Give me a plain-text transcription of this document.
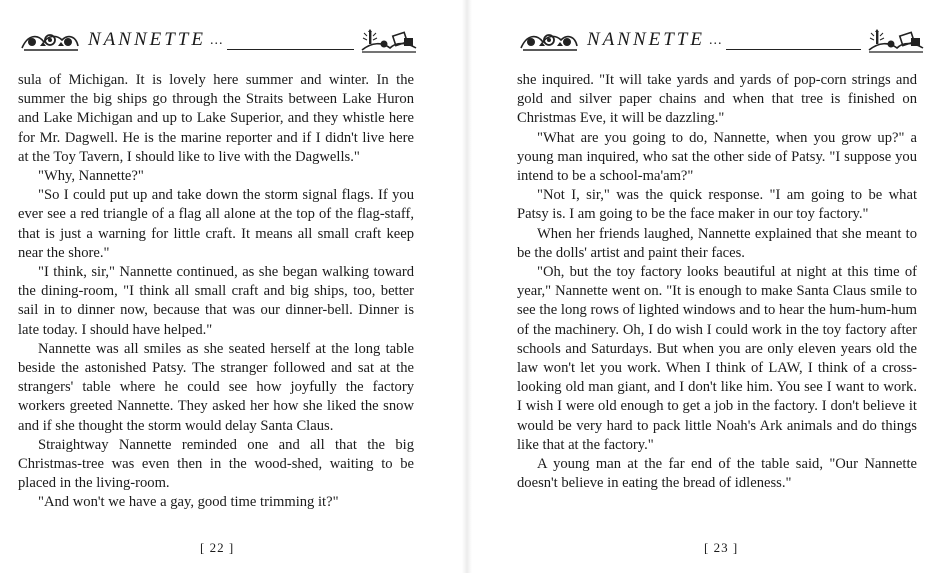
NANNETTE ...

sula of Michigan. It is lovely here summer and winter. In the summer the big ships go through the Straits between Lake Huron and Lake Michigan and up to Lake Superior, and they whistle here for Mr. Dagwell. He is the marine reporter and if I didn't live here at the Toy Tavern, I should like to live with the Dagwells."

"Why, Nannette?"

"So I could put up and take down the storm signal flags. If you ever see a red triangle of a flag all alone at the top of the flag-staff, that is just a warning for little craft. It means all small craft keep near the shore."

"I think, sir," Nannette continued, as she began walking toward the dining-room, "I think all small craft and big ships, too, better sail in to dinner now, because that was our dinner-bell. Dinner is late today. I should have helped."

Nannette was all smiles as she seated herself at the long table beside the astonished Patsy. The stranger followed and sat at the strangers' table where he could see how joyfully the factory workers greeted Nannette. They asked her how she liked the snow and if she thought the storm would delay Santa Claus.

Straightway Nannette reminded one and all that the big Christmas-tree was even then in the wood-shed, waiting to be placed in the living-room.

"And won't we have a gay, good time trimming it?"

[ 22 ]
NANNETTE ...

she inquired. "It will take yards and yards of pop-corn strings and gold and silver paper chains and when that tree is finished on Christmas Eve, it will be dazzling."

"What are you going to do, Nannette, when you grow up?" a young man inquired, who sat the other side of Patsy. "I suppose you intend to be a school-ma'am?"

"Not I, sir," was the quick response. "I am going to be what Patsy is. I am going to be the face maker in our toy factory."

When her friends laughed, Nannette explained that she meant to be the dolls' artist and paint their faces.

"Oh, but the toy factory looks beautiful at night at this time of year," Nannette went on. "It is enough to make Santa Claus smile to see the long rows of lighted windows and to hear the hum-hum-hum of the machinery. Oh, I do wish I could work in the toy factory after schools and Saturdays. But when you are only eleven years old the law won't let you work. When I think of LAW, I think of a cross-looking old man giant, and I don't like him. You see I want to work. I wish I were old enough to get a job in the factory. I don't believe it would be very hard to pack little Noah's Ark animals and do things like that at the factory."

A young man at the far end of the table said, "Our Nannette doesn't believe in eating the bread of idleness."

[ 23 ]
